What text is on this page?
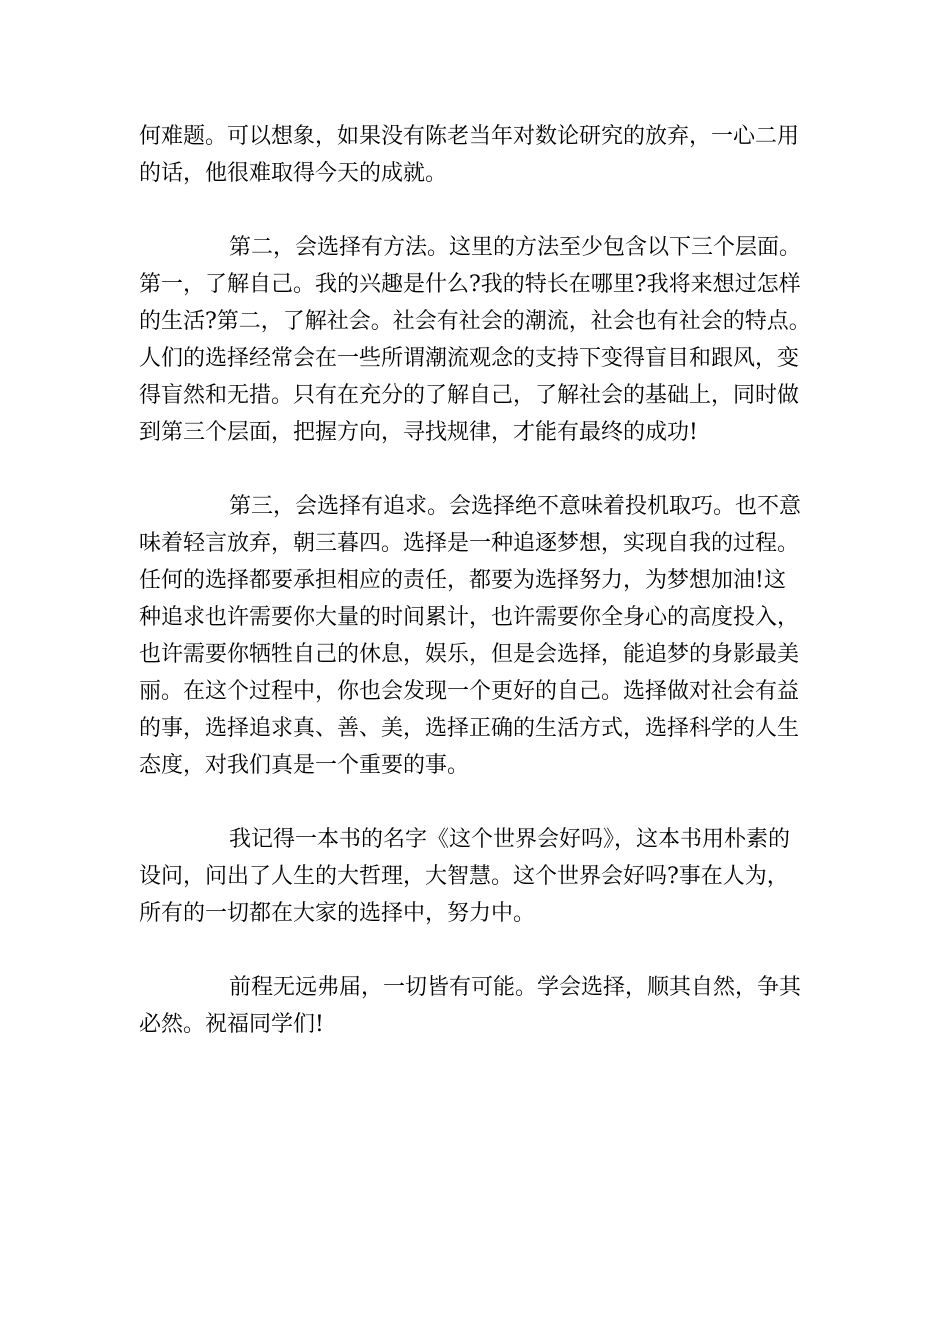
何难题。可以想象，如果没有陈老当年对数论研究的放弃，一心二用
的话，他很难取得今天的成就。
第二，会选择有方法。这里的方法至少包含以下三个层面。
第一，了解自己。我的兴趣是什么?我的特长在哪里?我将来想过怎样
的生活?第二，了解社会。社会有社会的潮流，社会也有社会的特点。
人们的选择经常会在一些所谓潮流观念的支持下变得盲目和跟风，变
得盲然和无措。只有在充分的了解自己，了解社会的基础上，同时做
到第三个层面，把握方向，寻找规律，才能有最终的成功!
第三，会选择有追求。会选择绝不意味着投机取巧。也不意
味着轻言放弃，朝三暮四。选择是一种追逐梦想，实现自我的过程。
任何的选择都要承担相应的责任，都要为选择努力，为梦想加油!这
种追求也许需要你大量的时间累计，也许需要你全身心的高度投入，
也许需要你牺牲自己的休息，娱乐，但是会选择，能追梦的身影最美
丽。在这个过程中，你也会发现一个更好的自己。选择做对社会有益
的事，选择追求真、善、美，选择正确的生活方式，选择科学的人生
态度，对我们真是一个重要的事。
我记得一本书的名字《这个世界会好吗》，这本书用朴素的
设问，问出了人生的大哲理，大智慧。这个世界会好吗?事在人为，
所有的一切都在大家的选择中，努力中。
前程无远弗届，一切皆有可能。学会选择，顺其自然，争其
必然。祝福同学们!
